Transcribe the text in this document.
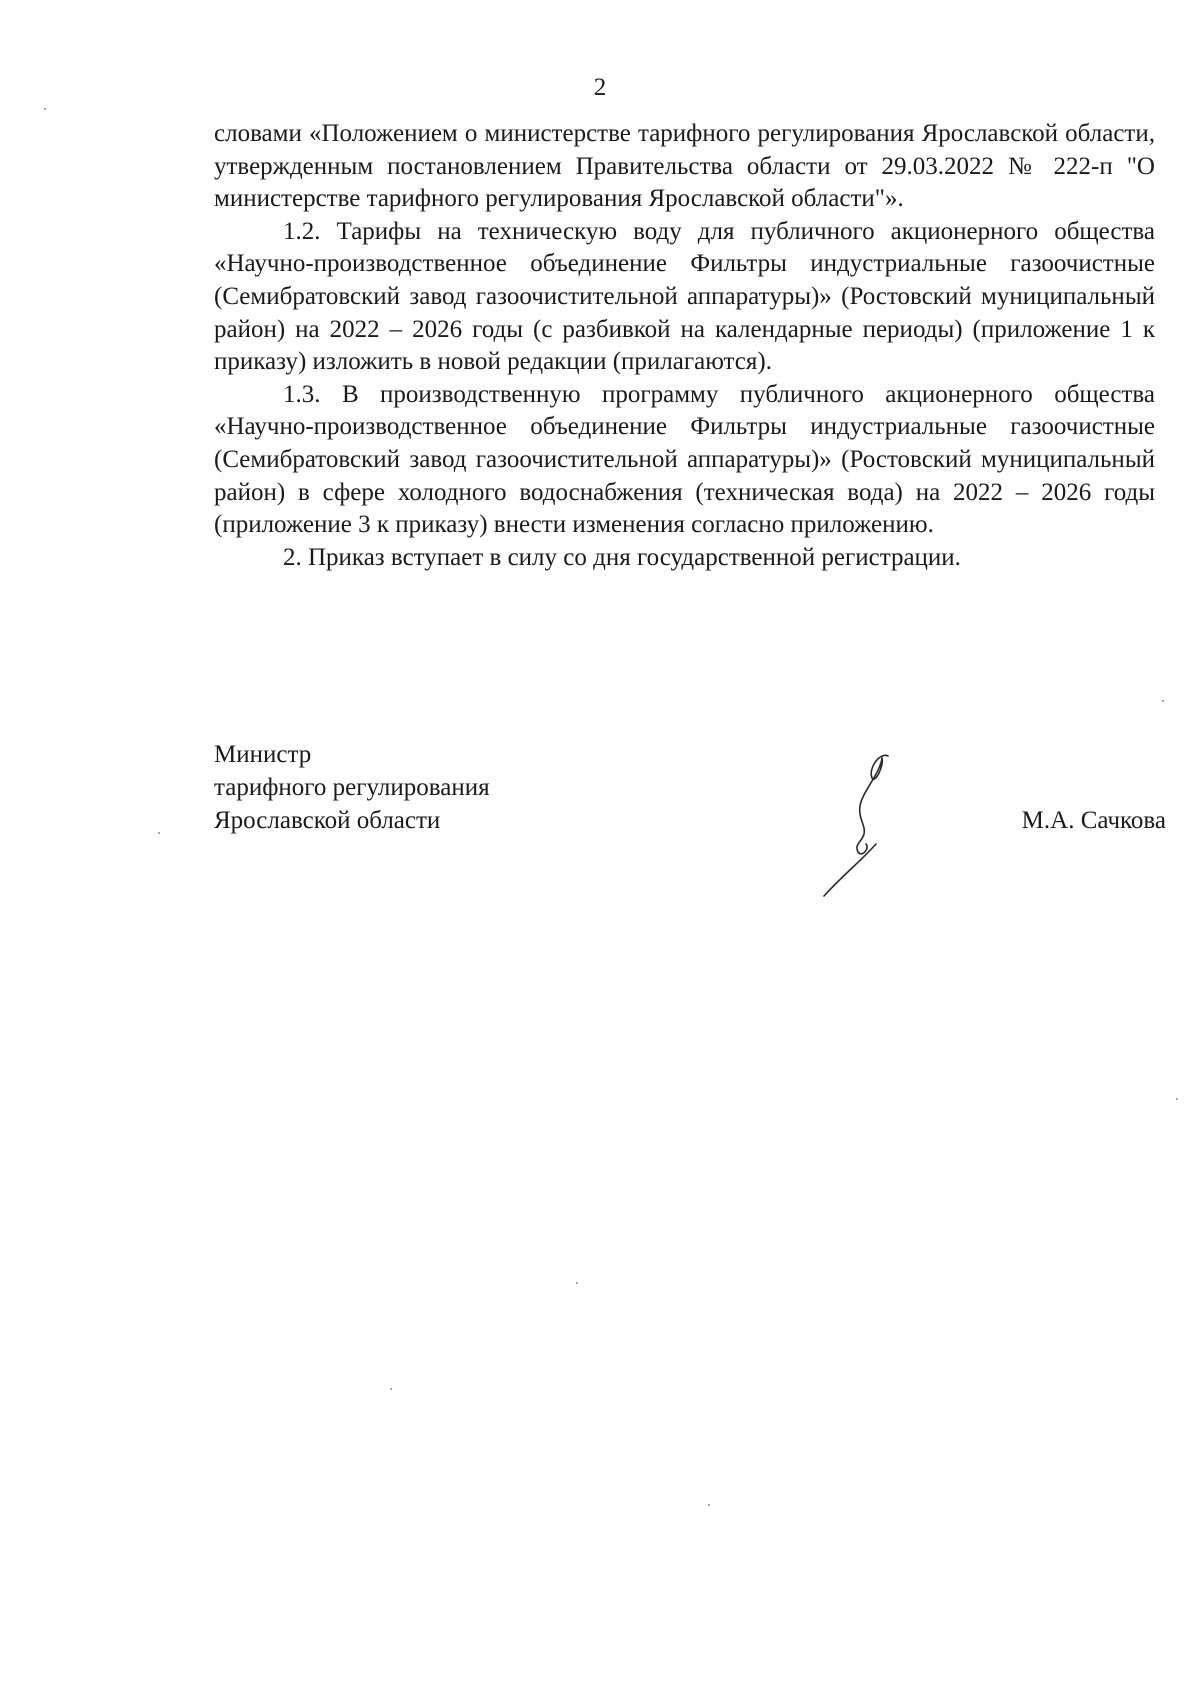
2

словами «Положением о министерстве тарифного регулирования Ярославской области, утвержденным постановлением Правительства области от 29.03.2022 № 222-п "О министерстве тарифного регулирования Ярославской области"».

1.2. Тарифы на техническую воду для публичного акционерного общества «Научно-производственное объединение Фильтры индустриальные газоочистные (Семибратовский завод газоочистительной аппаратуры)» (Ростовский муниципальный район) на 2022 – 2026 годы (с разбивкой на календарные периоды) (приложение 1 к приказу) изложить в новой редакции (прилагаются).

1.3. В производственную программу публичного акционерного общества «Научно-производственное объединение Фильтры индустриальные газоочистные (Семибратовский завод газоочистительной аппаратуры)» (Ростовский муниципальный район) в сфере холодного водоснабжения (техническая вода) на 2022 – 2026 годы (приложение 3 к приказу) внести изменения согласно приложению.

2. Приказ вступает в силу со дня государственной регистрации.

Министр
тарифного регулирования
Ярославской области	М.А. Сачкова
